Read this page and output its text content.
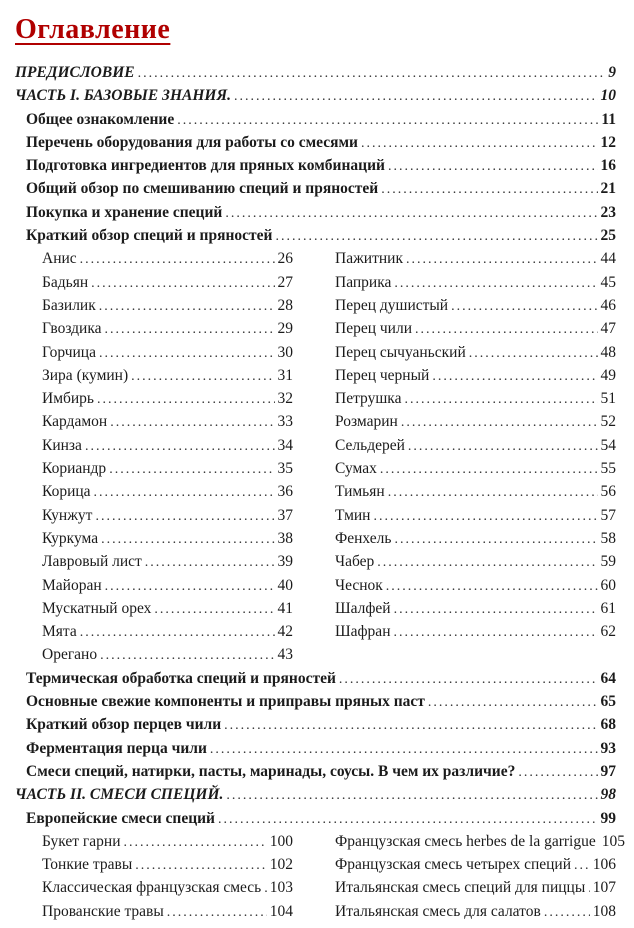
Оглавление
ПРЕДИСЛОВИЕ .....	9
ЧАСТЬ I. БАЗОВЫЕ ЗНАНИЯ. .....	10
Общее ознакомление .....	11
Перечень оборудования для работы со смесями .....	12
Подготовка ингредиентов для пряных комбинаций .....	16
Общий обзор по смешиванию специй и пряностей .....	21
Покупка и хранение специй .....	23
Краткий обзор специй и пряностей .....	25
Анис .....	26
Бадьян .....	27
Базилик .....	28
Гвоздика .....	29
Горчица .....	30
Зира (кумин) .....	31
Имбирь .....	32
Кардамон .....	33
Кинза .....	34
Кориандр .....	35
Корица .....	36
Кунжут .....	37
Куркума .....	38
Лавровый лист .....	39
Майоран .....	40
Мускатный орех .....	41
Мята .....	42
Орегано .....	43
Пажитник .....	44
Паприка .....	45
Перец душистый .....	46
Перец чили .....	47
Перец сычуаньский .....	48
Перец черный .....	49
Петрушка .....	51
Розмарин .....	52
Сельдерей .....	54
Сумах .....	55
Тимьян .....	56
Тмин .....	57
Фенхель .....	58
Чабер .....	59
Чеснок .....	60
Шалфей .....	61
Шафран .....	62
Термическая обработка специй и пряностей .....	64
Основные свежие компоненты и приправы пряных паст .....	65
Краткий обзор перцев чили .....	68
Ферментация перца чили .....	93
Смеси специй, натирки, пасты, маринады, соусы. В чем их различие? .....	97
ЧАСТЬ II. СМЕСИ СПЕЦИЙ. .....	98
Европейские смеси специй .....	99
Букет гарни .....	100
Тонкие травы .....	102
Классическая французская смесь ..... 103
Прованские травы .....	104
Французская смесь herbes de la garrigue 105
Французская смесь четырех специй ..... 106
Итальянская смесь специй для пиццы ..... 107
Итальянская смесь для салатов .....	108
